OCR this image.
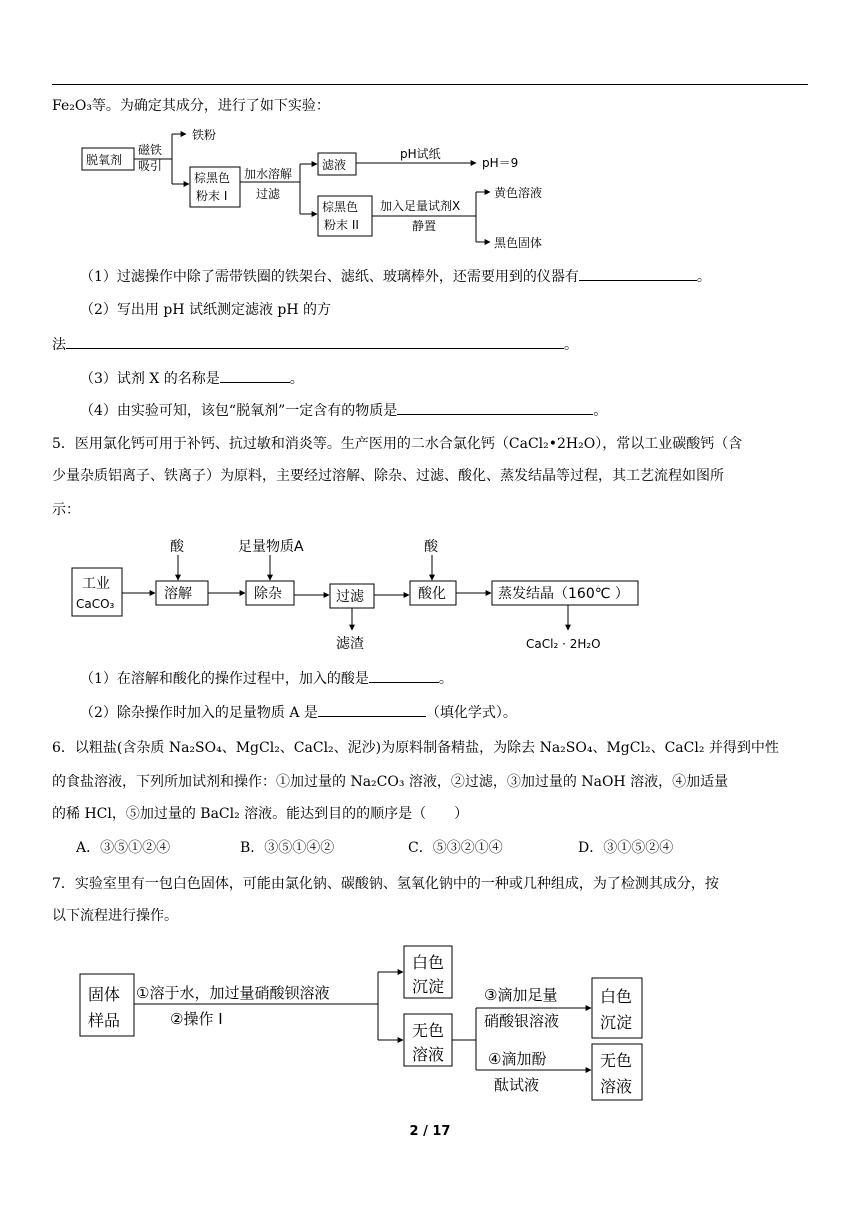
Fe₂O₃等。为确定其成分，进行了如下实验：
脱氧剂
磁铁
吸引
铁粉
棕黑色
粉末 I
加水溶解
过滤
滤液
pH试纸
pH＝9
棕黑色
粉末 II
加入足量试剂X
静置
黄色溶液
黑色固体
（1）过滤操作中除了需带铁圈的铁架台、滤纸、玻璃棒外，还需要用到的仪器有	。
（2）写出用 pH 试纸测定滤液 pH 的方
法	。
（3）试剂 X 的名称是	。
（4）由实验可知，该包“脱氧剂”一定含有的物质是	。
5．医用氯化钙可用于补钙、抗过敏和消炎等。生产医用的二水合氯化钙（CaCl₂•2H₂O），常以工业碳酸钙（含
少量杂质铝离子、铁离子）为原料，主要经过溶解、除杂、过滤、酸化、蒸发结晶等过程，其工艺流程如图所
示：
酸	足量物质A	酸
工业
CaCO₃
溶解	除杂	过滤	酸化	蒸发结晶（160℃ ）
滤渣	CaCl₂ · 2H₂O
（1）在溶解和酸化的操作过程中，加入的酸是	。
（2）除杂操作时加入的足量物质 A 是	（填化学式）。
6．以粗盐(含杂质 Na₂SO₄、MgCl₂、CaCl₂、泥沙)为原料制备精盐，为除去 Na₂SO₄、MgCl₂、CaCl₂ 并得到中性
的食盐溶液，下列所加试剂和操作：①加过量的 Na₂CO₃ 溶液，②过滤，③加过量的 NaOH 溶液，④加适量
的稀 HCl，⑤加过量的 BaCl₂ 溶液。能达到目的的顺序是（　　）
A．③⑤①②④	B．③⑤①④②	C．⑤③②①④	D．③①⑤②④
7．实验室里有一包白色固体，可能由氯化钠、碳酸钠、氢氧化钠中的一种或几种组成，为了检测其成分，按
以下流程进行操作。
固体
样品
①溶于水，加过量硝酸钡溶液
②操作 I
白色
沉淀
无色
溶液
③滴加足量
硝酸银溶液
白色
沉淀
④滴加酚
酞试液
无色
溶液
2 / 17
